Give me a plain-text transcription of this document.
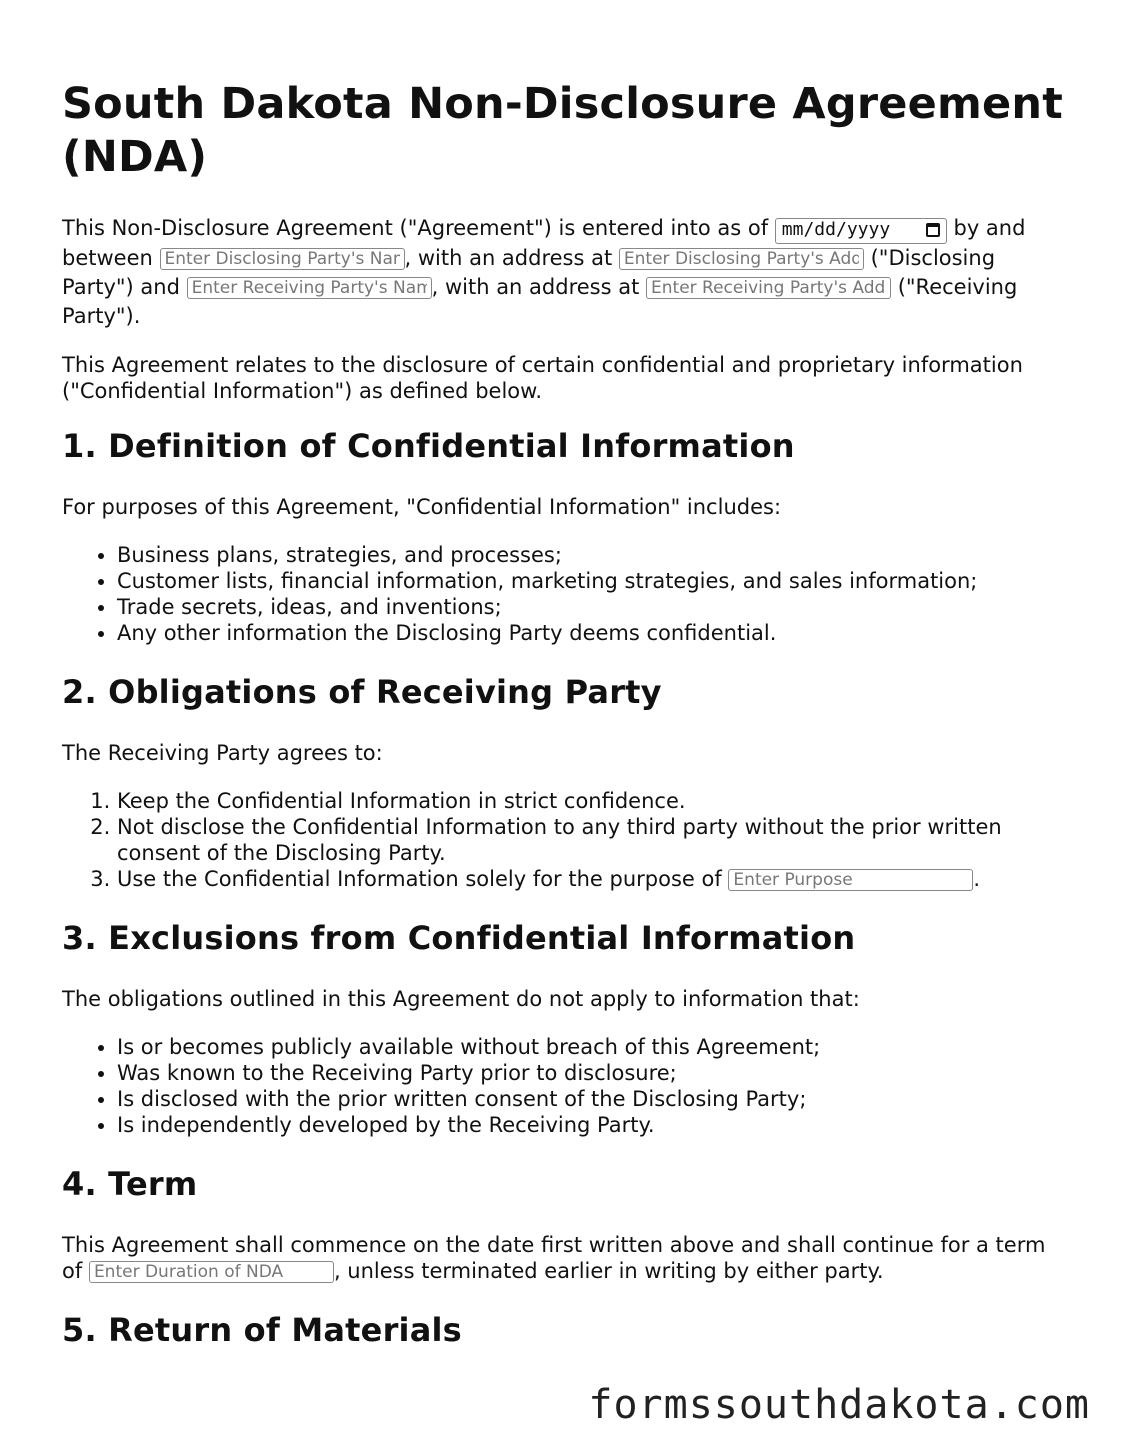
South Dakota Non-Disclosure Agreement (NDA)

This Non-Disclosure Agreement ("Agreement") is entered into as of mm/dd/yyyy	by and between Enter Disclosing Party's Name	, with an address at Enter Disclosing Party's Address	("Disclosing Party") and Enter Receiving Party's Name	, with an address at Enter Receiving Party's Address	("Receiving Party").

This Agreement relates to the disclosure of certain confidential and proprietary information ("Confidential Information") as defined below.

1. Definition of Confidential Information

For purposes of this Agreement, "Confidential Information" includes:

• Business plans, strategies, and processes;
• Customer lists, financial information, marketing strategies, and sales information;
• Trade secrets, ideas, and inventions;
• Any other information the Disclosing Party deems confidential.
2. Obligations of Receiving Party

The Receiving Party agrees to:

1. Keep the Confidential Information in strict confidence.
2. Not disclose the Confidential Information to any third party without the prior written consent of the Disclosing Party.
3. Use the Confidential Information solely for the purpose of Enter Purpose	.
3. Exclusions from Confidential Information

The obligations outlined in this Agreement do not apply to information that:

• Is or becomes publicly available without breach of this Agreement;
• Was known to the Receiving Party prior to disclosure;
• Is disclosed with the prior written consent of the Disclosing Party;
• Is independently developed by the Receiving Party.
4. Term

This Agreement shall commence on the date first written above and shall continue for a term of Enter Duration of NDA	, unless terminated earlier in writing by either party.

5. Return of Materials
formssouthdakota.com
